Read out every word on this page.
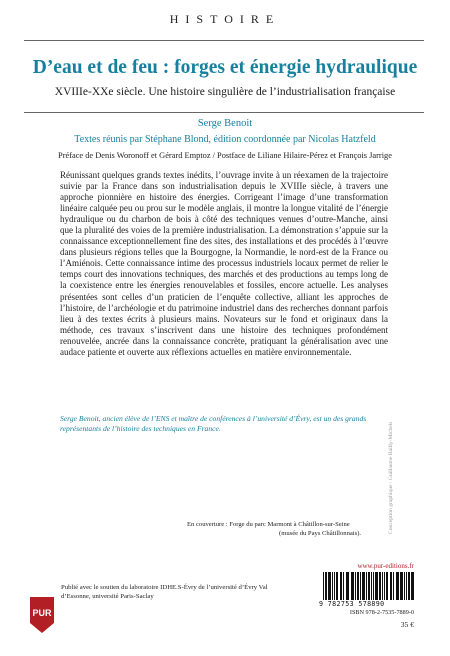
HISTOIRE
D’eau et de feu : forges et énergie hydraulique
XVIIIe-XXe siècle. Une histoire singulière de l’industrialisation française
Serge Benoit
Textes réunis par Stéphane Blond, édition coordonnée par Nicolas Hatzfeld
Préface de Denis Woronoff et Gérard Emptoz / Postface de Liliane Hilaire-Pérez et François Jarrige
Réunissant quelques grands textes inédits, l’ouvrage invite à un réexamen de la trajectoire suivie par la France dans son industrialisation depuis le XVIIIe siècle, à travers une approche pionnière en histoire des énergies. Corrigeant l’image d’une transformation linéaire calquée peu ou prou sur le modèle anglais, il montre la longue vitalité de l’énergie hydraulique ou du charbon de bois à côté des techniques venues d’outre-Manche, ainsi que la pluralité des voies de la première industrialisation. La démonstration s’appuie sur la connaissance exceptionnellement fine des sites, des installations et des procédés à l’œuvre dans plusieurs régions telles que la Bourgogne, la Normandie, le nord-est de la France ou l’Amiénois. Cette connaissance intime des processus industriels locaux permet de relier le temps court des innovations techniques, des marchés et des productions au temps long de la coexistence entre les énergies renouvelables et fossiles, encore actuelle. Les analyses présentées sont celles d’un praticien de l’enquête collective, alliant les approches de l’histoire, de l’archéologie et du patrimoine industriel dans des recherches donnant parfois lieu à des textes écrits à plusieurs mains. Novateurs sur le fond et originaux dans la méthode, ces travaux s’inscrivent dans une histoire des techniques profondément renouvelée, ancrée dans la connaissance concrète, pratiquant la généralisation avec une audace patiente et ouverte aux réflexions actuelles en matière environnementale.
Serge Benoit, ancien élève de l’ENS et maître de conférences à l’université d’Évry, est un des grands représentants de l’histoire des techniques en France.	Conception graphique : Guillaume Bailly-Michels
En couverture : Forge du parc Marmont à Châtillon-sur-Seine
(musée du Pays Châtillonnais).
www.pur-editions.fr
9 782753 578890
ISBN 978-2-7535-7889-0
35 €
PUR
Publié avec le soutien du laboratoire IDHE.S-Évry de l’université d’Évry Val d’Essonne, université Paris-Saclay
